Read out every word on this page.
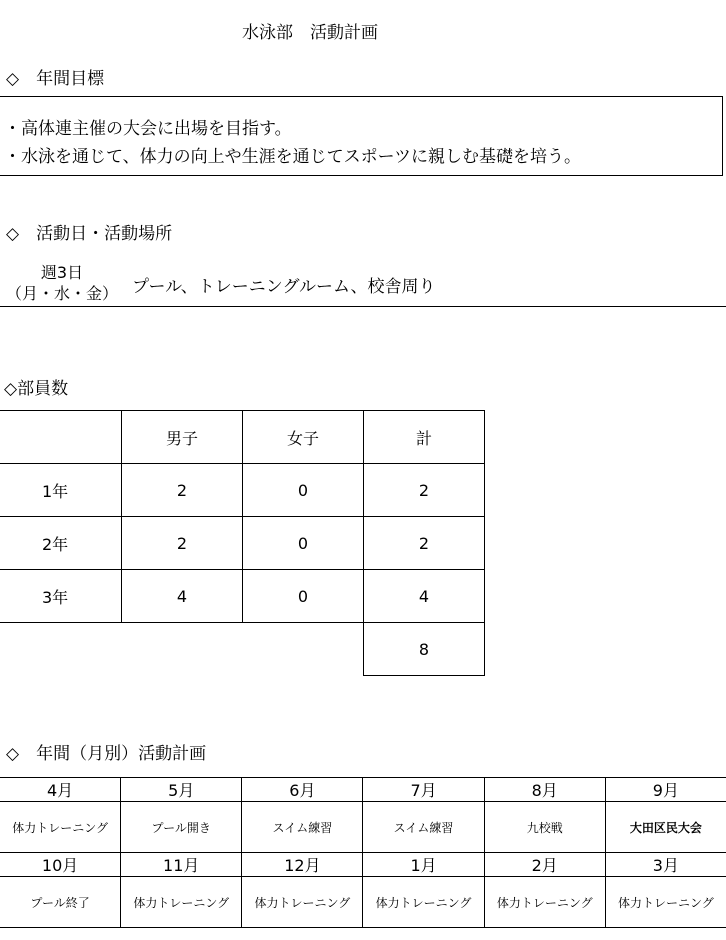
水泳部　活動計画
◇　年間目標
・高体連主催の大会に出場を目指す。
・水泳を通じて、体力の向上や生涯を通じてスポーツに親しむ基礎を培う。
◇　活動日・活動場所
週3日
（月・水・金） プール、トレーニングルーム、校舎周り
◇部員数
	男子	女子	計
1年	2	0	2
2年	2	0	2
3年	4	0	4
			8
◇　年間（月別）活動計画
4月	5月	6月	7月	8月	9月
体力トレーニング	プール開き	スイム練習	スイム練習	九校戦	大田区民大会
10月	11月	12月	1月	2月	3月
プール終了	体力トレーニング	体力トレーニング	体力トレーニング	体力トレーニング	体力トレーニング
